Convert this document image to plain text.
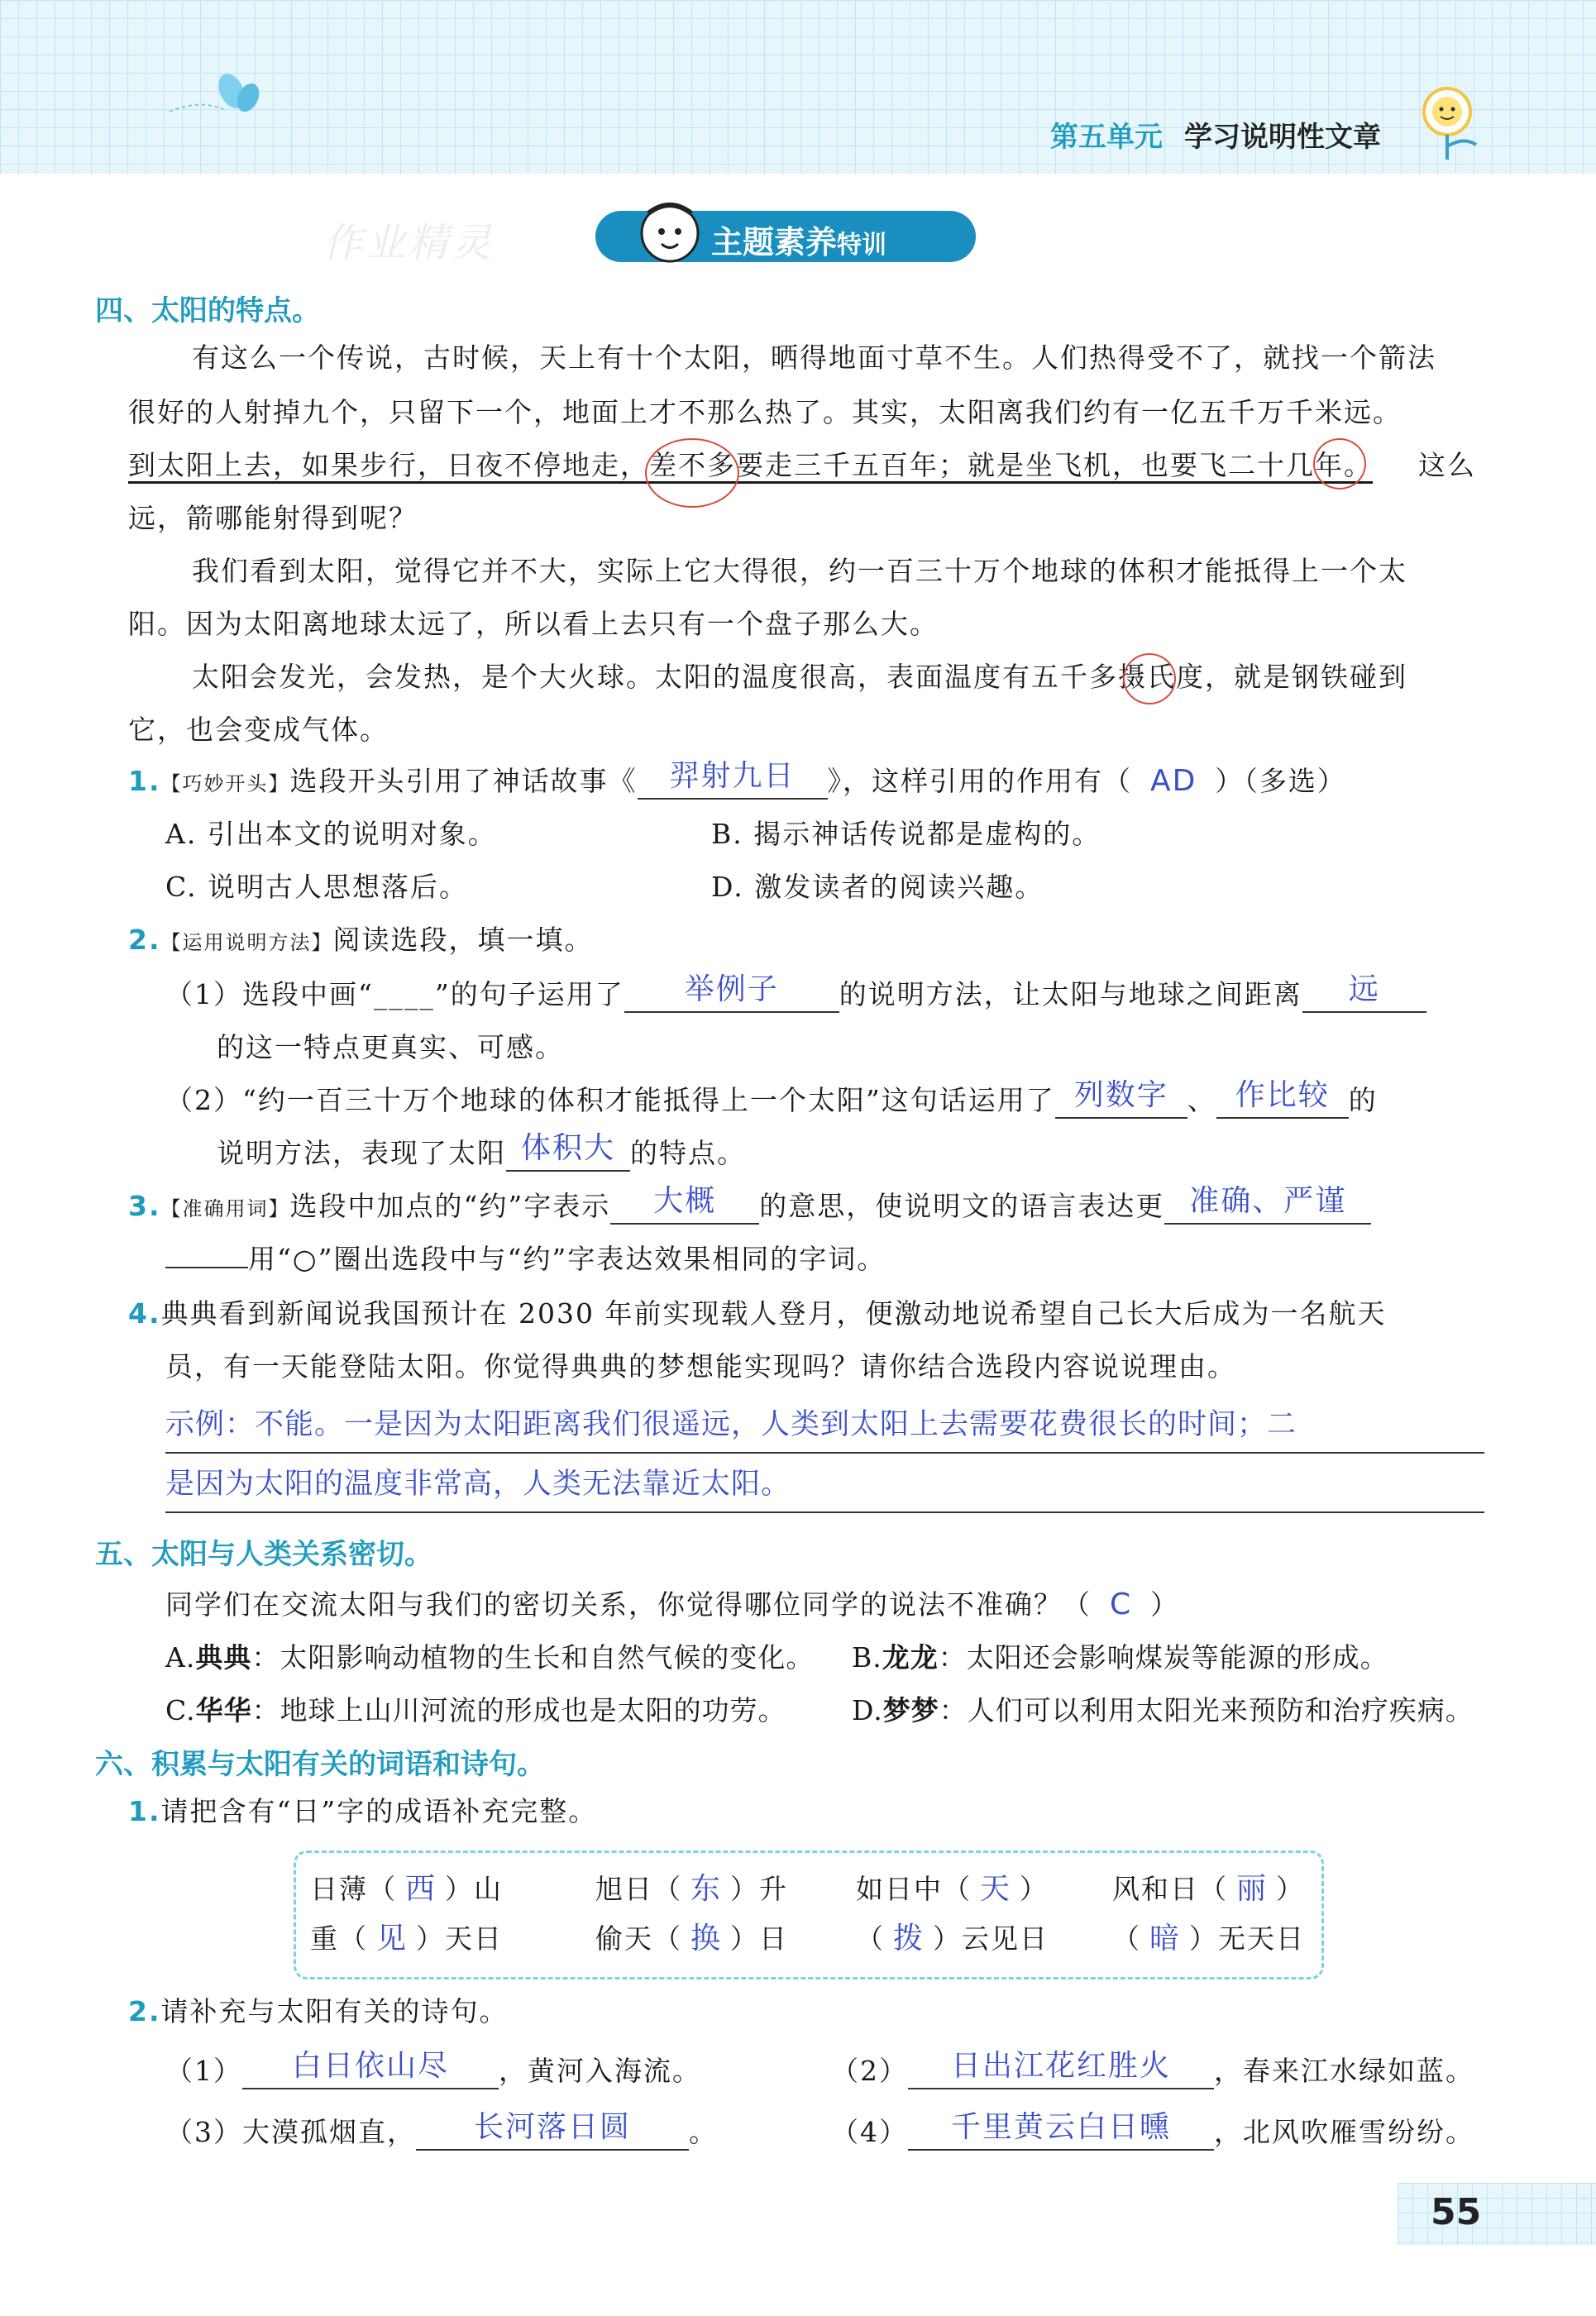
第五单元 学习说明性文章
作业精灵	主题素养特训
四、太阳的特点。
有这么一个传说，古时候，天上有十个太阳，晒得地面寸草不生。人们热得受不了，就找一个箭法
很好的人射掉九个，只留下一个，地面上才不那么热了。其实，太阳离我们约有一亿五千万千米远。
到太阳上去，如果步行，日夜不停地走，差不多要走三千五百年；就是坐飞机，也要飞二十几年。 这么
远，箭哪能射得到呢？
我们看到太阳，觉得它并不大，实际上它大得很，约一百三十万个地球的体积才能抵得上一个太
阳。因为太阳离地球太远了，所以看上去只有一个盘子那么大。
太阳会发光，会发热，是个大火球。太阳的温度很高，表面温度有五千多摄氏度，就是钢铁碰到
它，也会变成气体。
1.【巧妙开头】选段开头引用了神话故事《 羿射九日 》，这样引用的作用有（ AD ）（多选）
A. 引出本文的说明对象。	B. 揭示神话传说都是虚构的。
C. 说明古人思想落后。	D. 激发读者的阅读兴趣。
2.【运用说明方法】阅读选段，填一填。
（1）选段中画“____”的句子运用了 举例子 的说明方法，让太阳与地球之间距离 远
的这一特点更真实、可感。
（2）“约一百三十万个地球的体积才能抵得上一个太阳”这句话运用了 列数字 、 作比较 的
说明方法，表现了太阳 体积大 的特点。
3.【准确用词】选段中加点的“约”字表示 大概 的意思，使说明文的语言表达更 准确、严谨
用“○”圈出选段中与“约”字表达效果相同的字词。
4.典典看到新闻说我国预计在 2030 年前实现载人登月，便激动地说希望自己长大后成为一名航天
员，有一天能登陆太阳。你觉得典典的梦想能实现吗？请你结合选段内容说说理由。
示例：不能。一是因为太阳距离我们很遥远，人类到太阳上去需要花费很长的时间；二
是因为太阳的温度非常高，人类无法靠近太阳。
五、太阳与人类关系密切。
同学们在交流太阳与我们的密切关系，你觉得哪位同学的说法不准确？（ C ）
A.典典：太阳影响动植物的生长和自然气候的变化。 B.龙龙：太阳还会影响煤炭等能源的形成。
C.华华：地球上山川河流的形成也是太阳的功劳。 D.梦梦：人们可以利用太阳光来预防和治疗疾病。
六、积累与太阳有关的词语和诗句。
1.请把含有“日”字的成语补充完整。
日薄（ 西 ）山	旭日（ 东 ）升 如日中（ 天 ） 风和日（ 丽 ）
重（ 见 ）天日	偷天（ 换 ）日 （ 拨 ）云见日 （ 暗 ）无天日
2.请补充与太阳有关的诗句。
（1） 白日依山尽 ，黄河入海流。	（2） 日出江花红胜火 ，春来江水绿如蓝。
（3）大漠孤烟直， 长河落日圆 。	（4） 千里黄云白日曛 ，北风吹雁雪纷纷。
55
